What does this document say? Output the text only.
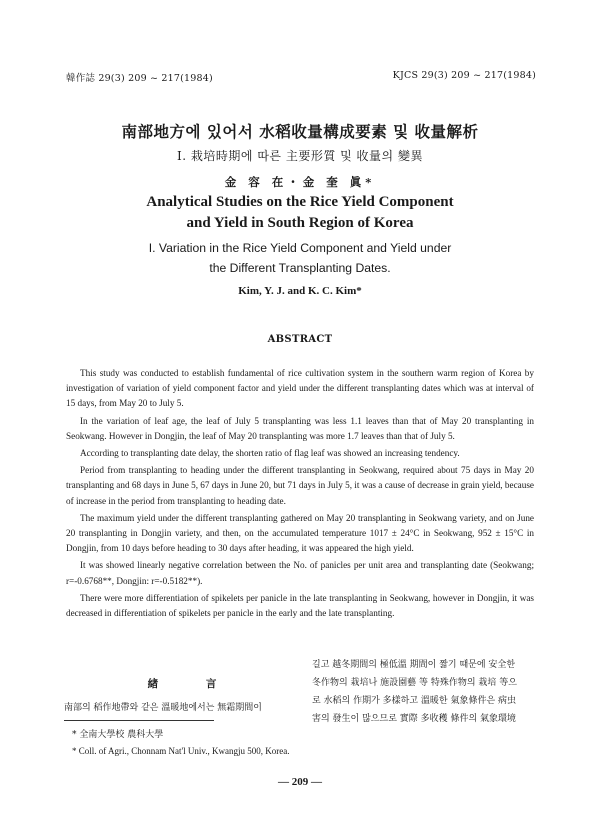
韓作誌 29(3) 209 ~ 217(1984)	KJCS 29(3) 209 ~ 217(1984)
南部地方에 있어서 水稻收量構成要素 및 收量解析
I. 栽培時期에 따른 主要形質 및 收量의 變異
金 容 在・金 奎 眞*
Analytical Studies on the Rice Yield Component
and Yield in South Region of Korea
I. Variation in the Rice Yield Component and Yield under
the Different Transplanting Dates.
Kim, Y. J. and K. C. Kim*
ABSTRACT

This study was conducted to establish fundamental of rice cultivation system in the southern warm region of Korea by investigation of variation of yield component factor and yield under the different transplanting dates which was at interval of 15 days, from May 20 to July 5.

In the variation of leaf age, the leaf of July 5 transplanting was less 1.1 leaves than that of May 20 transplanting in Seokwang. However in Dongjin, the leaf of May 20 transplanting was more 1.7 leaves than that of July 5.

According to transplanting date delay, the shorten ratio of flag leaf was showed an increasing tendency.

Period from transplanting to heading under the different transplanting in Seokwang, required about 75 days in May 20 transplanting and 68 days in June 5, 67 days in June 20, but 71 days in July 5, it was a cause of decrease in grain yield, because of increase in the period from transplanting to heading date.

The maximum yield under the different transplanting gathered on May 20 transplanting in Seokwang variety, and on June 20 transplanting in Dongjin variety, and then, on the accumulated temperature 1017 ± 24°C in Seokwang, 952 ± 15°C in Dongjin, from 10 days before heading to 30 days after heading, it was appeared the high yield.

It was showed linearly negative correlation between the No. of panicles per unit area and transplanting date (Seokwang; r=-0.6768**, Dongjin: r=-0.5182**).

There were more differentiation of spikelets per panicle in the late transplanting in Seokwang, however in Dongjin, it was decreased in differentiation of spikelets per panicle in the early and the late transplanting.

緖 言
南部의 稻作地帶와 같은 溫暖地에서는 無霜期間이
길고 越冬期間의 極低溫 期間이 짧기 때문에 安全한
冬作物의 栽培나 施設園藝 等 特殊作物의 栽培 等으
로 水稻의 作期가 多樣하고 溫暖한 氣象條件은 病虫
害의 發生이 많으므로 實際 多收穫 條件의 氣象環境
* 全南大學校 農科大學
* Coll. of Agri., Chonnam Nat'l Univ., Kwangju 500, Korea.
— 209 —
